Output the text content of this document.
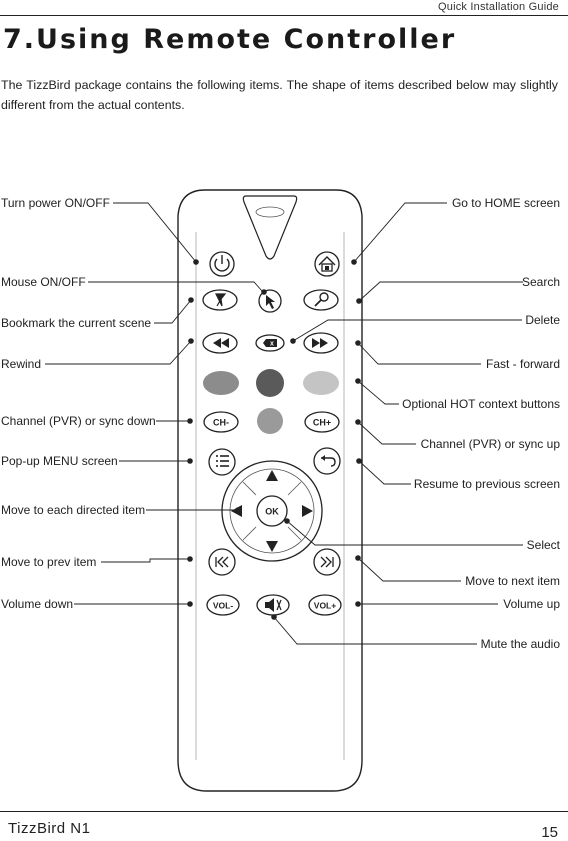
Quick Installation Guide
7.Using Remote Controller
The TizzBird package contains the following items. The shape of items described below may slightly different from the actual contents.
x
CH-	CH+
OK
VOL-	VOL+
Turn power ON/OFF
Mouse ON/OFF
Bookmark the current scene
Rewind
Channel (PVR) or sync down
Pop-up MENU screen
Move to each directed item
Move to prev item
Volume down
Go to HOME screen
Search
Delete
Fast - forward
Optional HOT context buttons
Channel (PVR) or sync up
Resume to previous screen
Select
Move to next item
Volume up
Mute the audio
TizzBird N1	15
